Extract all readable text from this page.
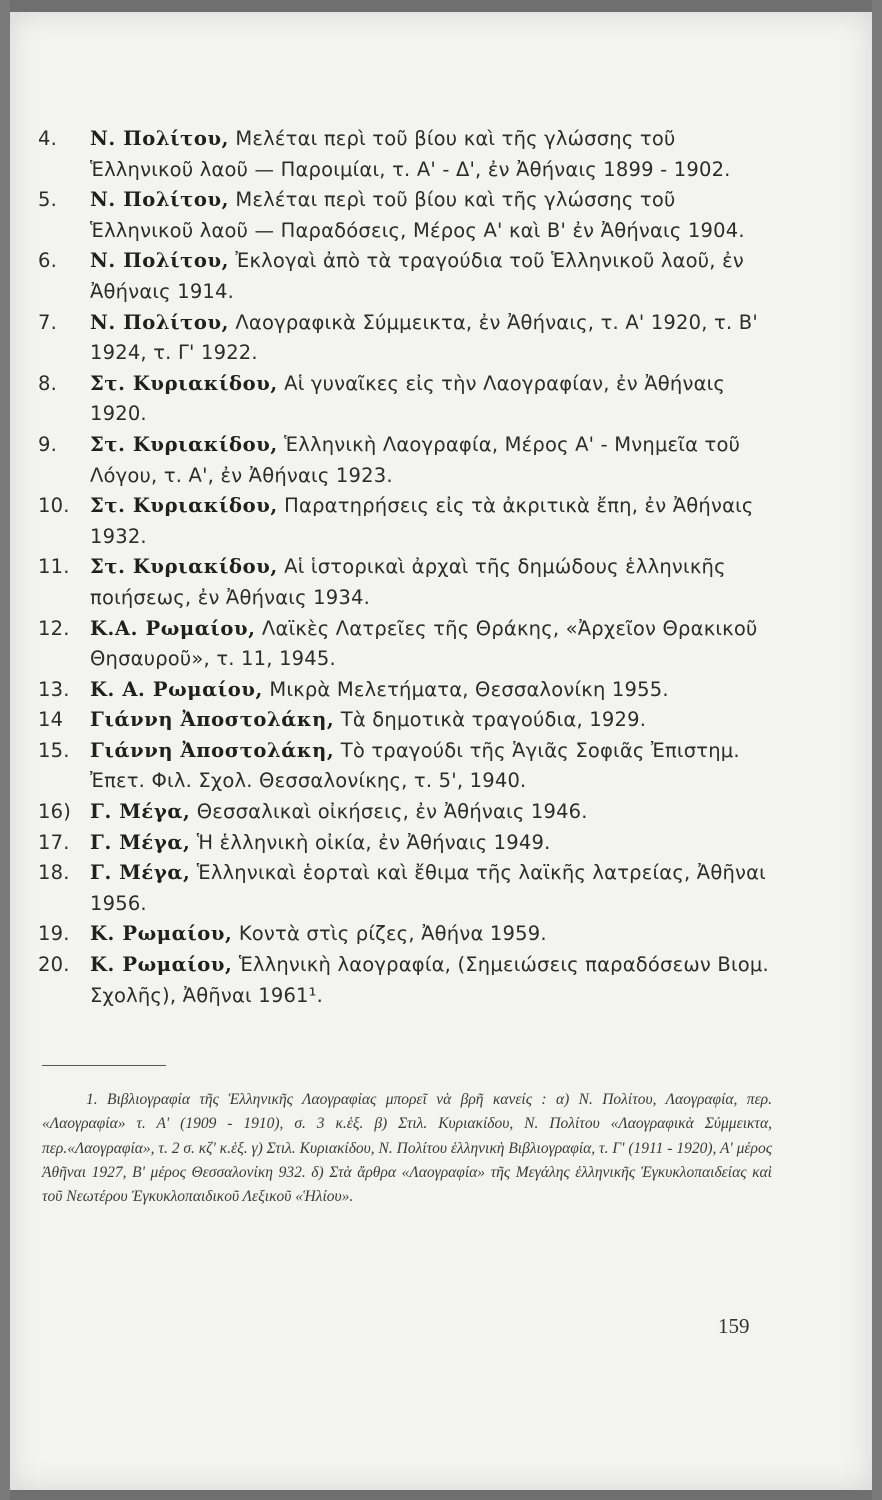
4.	Ν. Πολίτου, Μελέται περὶ τοῦ βίου καὶ τῆς γλώσσης τοῦ Ἑλληνικοῦ λαοῦ — Παροιμίαι, τ. Α' - Δ', ἐν Ἀθήναις 1899 - 1902.
5.	Ν. Πολίτου, Μελέται περὶ τοῦ βίου καὶ τῆς γλώσσης τοῦ Ἑλληνικοῦ λαοῦ — Παραδόσεις, Μέρος Α' καὶ Β' ἐν Ἀθήναις 1904.
6.	Ν. Πολίτου, Ἐκλογαὶ ἀπὸ τὰ τραγούδια τοῦ Ἑλληνικοῦ λαοῦ, ἐν Ἀθήναις 1914.
7.	Ν. Πολίτου, Λαογραφικὰ Σύμμεικτα, ἐν Ἀθήναις, τ. Α' 1920, τ. Β' 1924, τ. Γ' 1922.
8.	Στ. Κυριακίδου, Αἱ γυναῖκες εἰς τὴν Λαογραφίαν, ἐν Ἀθήναις 1920.
9.	Στ. Κυριακίδου, Ἑλληνικὴ Λαογραφία, Μέρος Α' - Μνημεῖα τοῦ Λόγου, τ. Α', ἐν Ἀθήναις 1923.
10.	Στ. Κυριακίδου, Παρατηρήσεις εἰς τὰ ἀκριτικὰ ἔπη, ἐν Ἀθήναις 1932.
11.	Στ. Κυριακίδου, Αἱ ἱστορικαὶ ἀρχαὶ τῆς δημώδους ἑλληνικῆς ποιήσεως, ἐν Ἀθήναις 1934.
12.	Κ.Α. Ρωμαίου, Λαϊκὲς Λατρεῖες τῆς Θράκης, «Ἀρχεῖον Θρακικοῦ Θησαυροῦ», τ. 11, 1945.
13.	Κ. Α. Ρωμαίου, Μικρὰ Μελετήματα, Θεσσαλονίκη 1955.
14	Γιάννη Ἀποστολάκη, Τὰ δημοτικὰ τραγούδια, 1929.
15.	Γιάννη Ἀποστολάκη, Τὸ τραγούδι τῆς Ἁγιᾶς Σοφιᾶς Ἐπιστημ. Ἐπετ. Φιλ. Σχολ. Θεσσαλονίκης, τ. 5', 1940.
16) Γ. Μέγα, Θεσσαλικαὶ οἰκήσεις, ἐν Ἀθήναις 1946.
17.	Γ. Μέγα, Ἡ ἑλληνικὴ οἰκία, ἐν Ἀθήναις 1949.
18.	Γ. Μέγα, Ἑλληνικαὶ ἑορταὶ καὶ ἔθιμα τῆς λαϊκῆς λατρείας, Ἀθῆναι 1956.
19.	Κ. Ρωμαίου, Κοντὰ στὶς ρίζες, Ἀθήνα 1959.
20.	Κ. Ρωμαίου, Ἑλληνικὴ λαογραφία, (Σημειώσεις παραδόσεων Βιομ. Σχολῆς), Ἀθῆναι 1961¹.

1. Βιβλιογραφία τῆς Ἑλληνικῆς Λαογραφίας μπορεῖ νὰ βρῆ κανείς : α) Ν. Πολίτου, Λαογραφία, περ. «Λαογραφία» τ. Α' (1909 - 1910), σ. 3 κ.ἑξ. β) Στιλ. Κυριακίδου, Ν. Πολίτου «Λαογραφικὰ Σύμμεικτα, περ.«Λαογραφία», τ. 2 σ. κζ' κ.ἑξ. γ) Στιλ. Κυριακίδου, Ν. Πολίτου ἑλληνικὴ Βιβλιογραφία, τ. Γ' (1911 - 1920), Α' μέρος Ἀθῆναι 1927, Β' μέρος Θεσσαλονίκη 932. δ) Στὰ ἄρθρα «Λαογραφία» τῆς Μεγάλης ἑλληνικῆς Ἐγκυκλοπαιδείας καὶ τοῦ Νεωτέρου Ἐγκυκλοπαιδικοῦ Λεξικοῦ «Ἡλίου».

159
